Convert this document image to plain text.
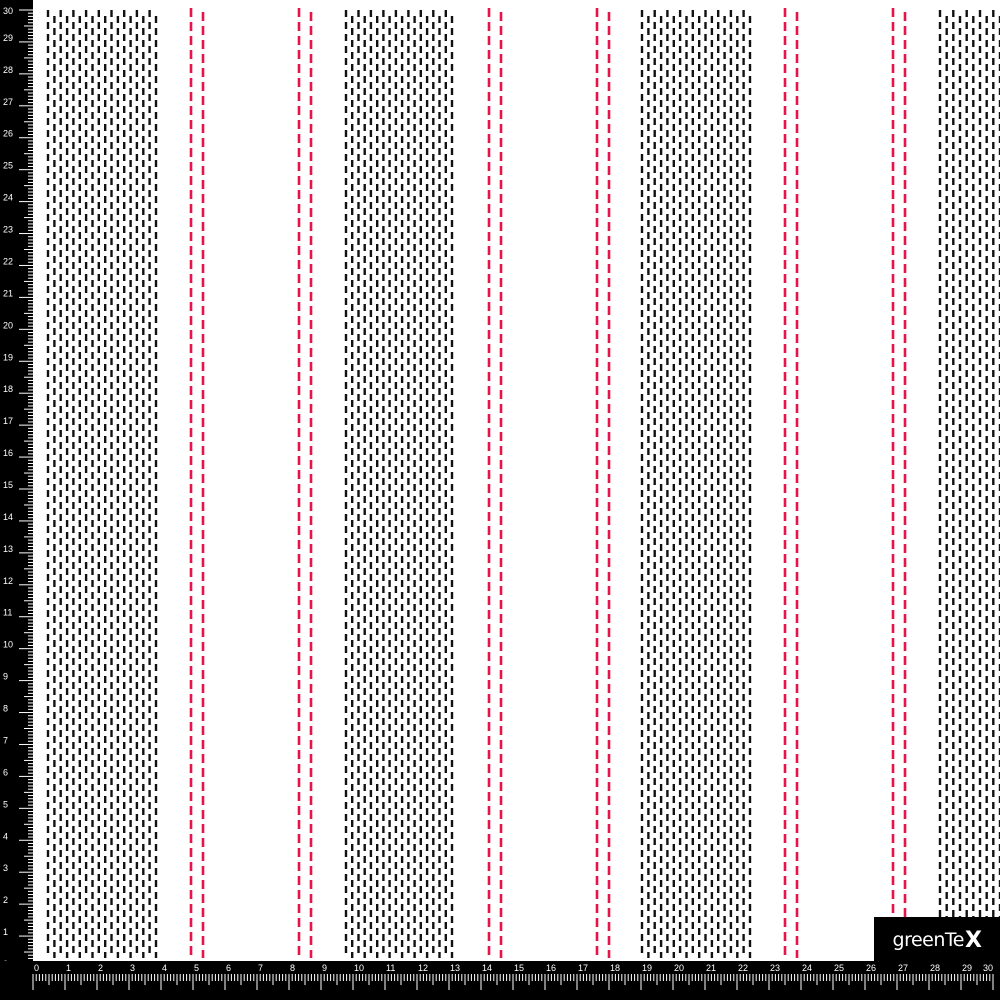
1
2
3
4
5
6
7
8
9
10
11
12
13
14
15
16
17
18
19
20
21
22
23
24
25
26
27
28
29
30
0	1	2	3	4	5	6	7	8	9	10 11	12 13 14 15 16 17 18 19 20 21 22 23 24 25 26 27 28 29 30
greenTe X
